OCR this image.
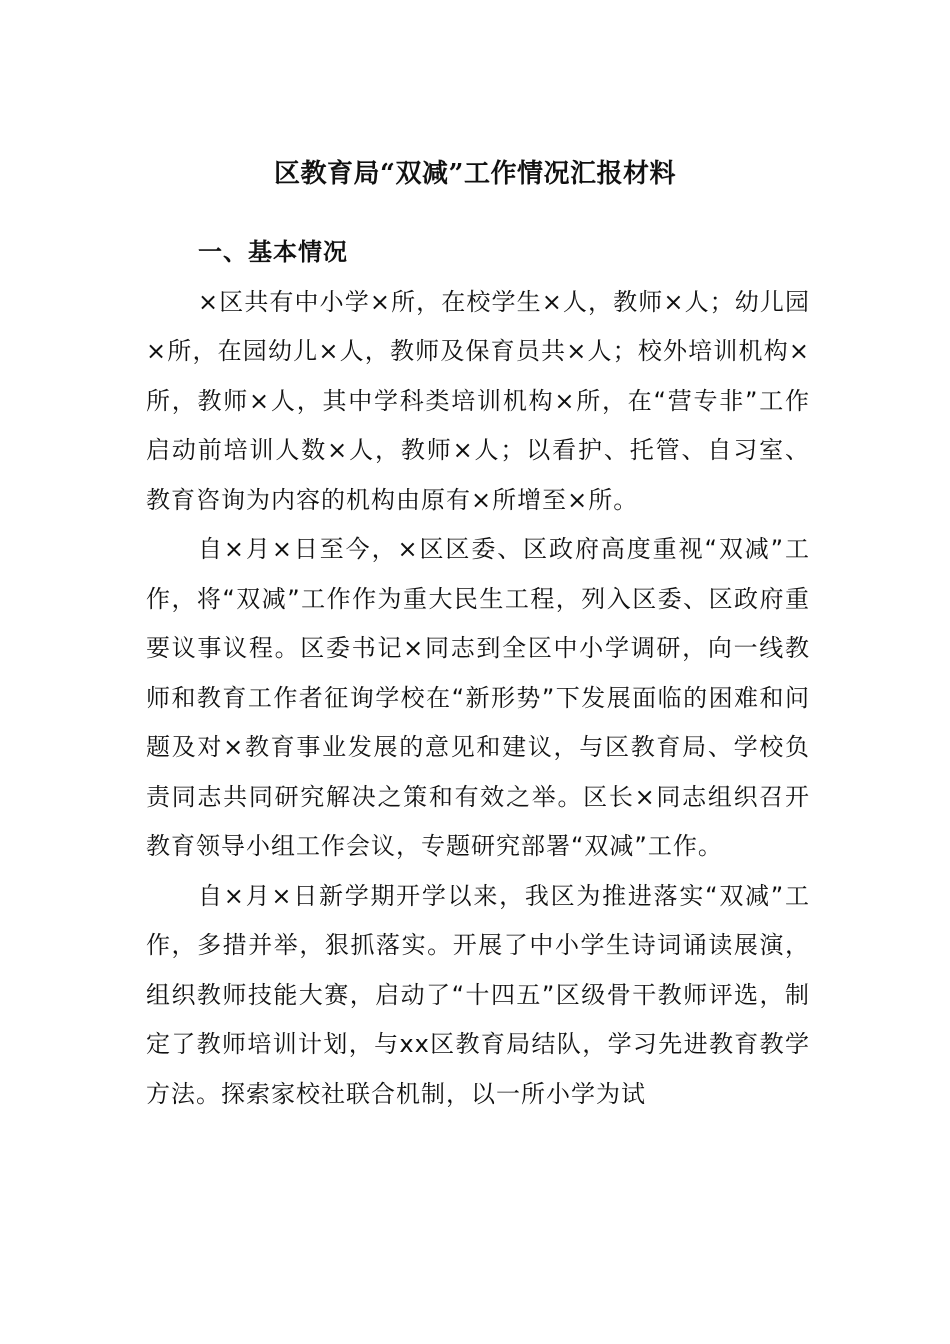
区教育局“双减”工作情况汇报材料

一、基本情况

×区共有中小学×所，在校学生×人，教师×人；幼儿园×所，在园幼儿×人，教师及保育员共×人；校外培训机构×所，教师×人，其中学科类培训机构×所，在“营专非”工作启动前培训人数×人，教师×人；以看护、托管、自习室、教育咨询为内容的机构由原有×所增至×所。

自×月×日至今，×区区委、区政府高度重视“双减”工作，将“双减”工作作为重大民生工程，列入区委、区政府重要议事议程。区委书记×同志到全区中小学调研，向一线教师和教育工作者征询学校在“新形势”下发展面临的困难和问题及对×教育事业发展的意见和建议，与区教育局、学校负责同志共同研究解决之策和有效之举。区长×同志组织召开教育领导小组工作会议，专题研究部署“双减”工作。

自×月×日新学期开学以来，我区为推进落实“双减”工作，多措并举，狠抓落实。开展了中小学生诗词诵读展演，组织教师技能大赛，启动了“十四五”区级骨干教师评选，制定了教师培训计划，与xx区教育局结队，学习先进教育教学方法。探索家校社联合机制，以一所小学为试
